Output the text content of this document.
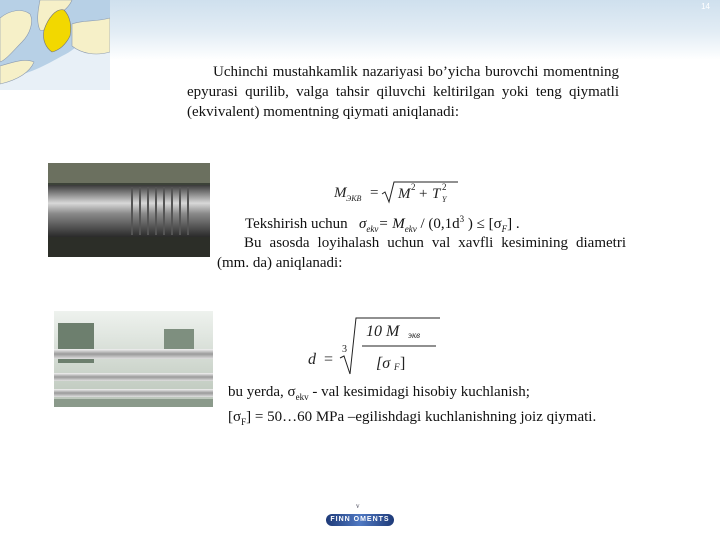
14

Uchinchi mustahkamlik nazariyasi bo’yicha burovchi momentning epyurasi qurilib, valga tahsir qiluvchi keltirilgan yoki teng qiymatli (ekvivalent) momentning qiymati aniqlanadi:

M ЭКВ = M 2 + T 2
Y
Tekshirish uchun $\sigma_{ekv}= M_{ekv} / (0,1d^3$ ) ≤ $[\sigma_F]$ .

Bu asosda loyihalash uchun val xavfli kesimining diametri (mm. da) aniqlanadi:

d =
3
10 M экв
[σ F ]

bu yerda, $\sigma_{ekv}$ - val kesimidagi hisobiy kuchlanish;
$[\sigma_F]$ = 50…60 MPa –egilishdagi kuchlanishning joiz qiymati.

v
FINN OMENTS
